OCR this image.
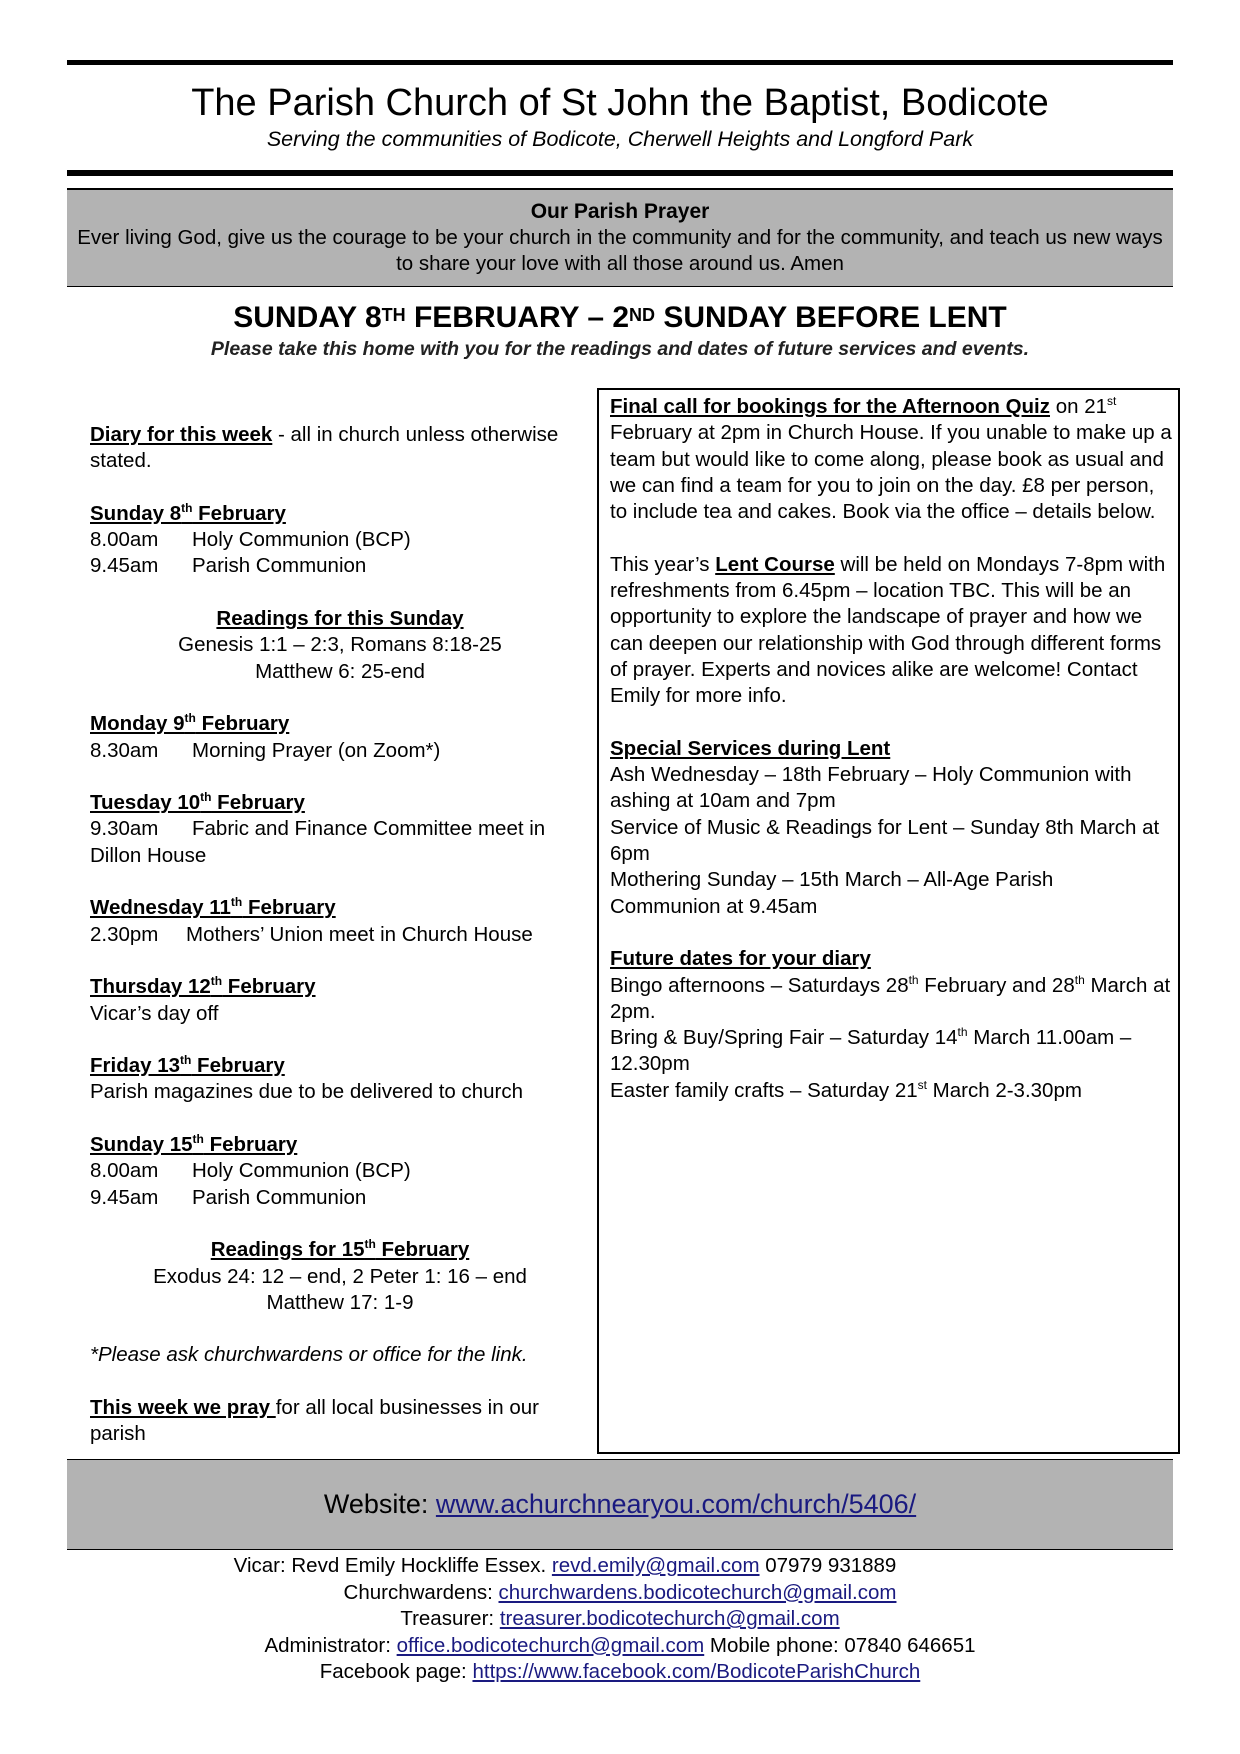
The Parish Church of St John the Baptist, Bodicote
Serving the communities of Bodicote, Cherwell Heights and Longford Park
Our Parish Prayer
Ever living God, give us the courage to be your church in the community and for the community, and teach us new ways to share your love with all those around us. Amen
SUNDAY 8TH FEBRUARY – 2ND SUNDAY BEFORE LENT
Please take this home with you for the readings and dates of future services and events.
Diary for this week - all in church unless otherwise stated.
Sunday 8th February
8.00am Holy Communion (BCP)
9.45am Parish Communion
Readings for this Sunday
Genesis 1:1 – 2:3, Romans 8:18-25
Matthew 6: 25-end
Monday 9th February
8.30am Morning Prayer (on Zoom*)
Tuesday 10th February
9.30am Fabric and Finance Committee meet in Dillon House
Wednesday 11th February
2.30pm Mothers’ Union meet in Church House
Thursday 12th February
Vicar’s day off
Friday 13th February
Parish magazines due to be delivered to church
Sunday 15th February
8.00am Holy Communion (BCP)
9.45am Parish Communion
Readings for 15th February
Exodus 24: 12 – end, 2 Peter 1: 16 – end
Matthew 17: 1-9
*Please ask churchwardens or office for the link.
This week we pray for all local businesses in our parish
Final call for bookings for the Afternoon Quiz on 21st February at 2pm in Church House. If you unable to make up a team but would like to come along, please book as usual and we can find a team for you to join on the day. £8 per person, to include tea and cakes. Book via the office – details below.
This year’s Lent Course will be held on Mondays 7-8pm with refreshments from 6.45pm – location TBC. This will be an opportunity to explore the landscape of prayer and how we can deepen our relationship with God through different forms of prayer. Experts and novices alike are welcome! Contact Emily for more info.
Special Services during Lent
Ash Wednesday – 18th February – Holy Communion with ashing at 10am and 7pm
Service of Music & Readings for Lent – Sunday 8th March at 6pm
Mothering Sunday – 15th March – All-Age Parish Communion at 9.45am
Future dates for your diary
Bingo afternoons – Saturdays 28th February and 28th March at 2pm.
Bring & Buy/Spring Fair – Saturday 14th March 11.00am – 12.30pm
Easter family crafts – Saturday 21st March 2-3.30pm
Website: www.achurchnearyou.com/church/5406/
Vicar: Revd Emily Hockliffe Essex. revd.emily@gmail.com 07979 931889
Churchwardens: churchwardens.bodicotechurch@gmail.com
Treasurer: treasurer.bodicotechurch@gmail.com
Administrator: office.bodicotechurch@gmail.com Mobile phone: 07840 646651
Facebook page: https://www.facebook.com/BodicoteParishChurch
